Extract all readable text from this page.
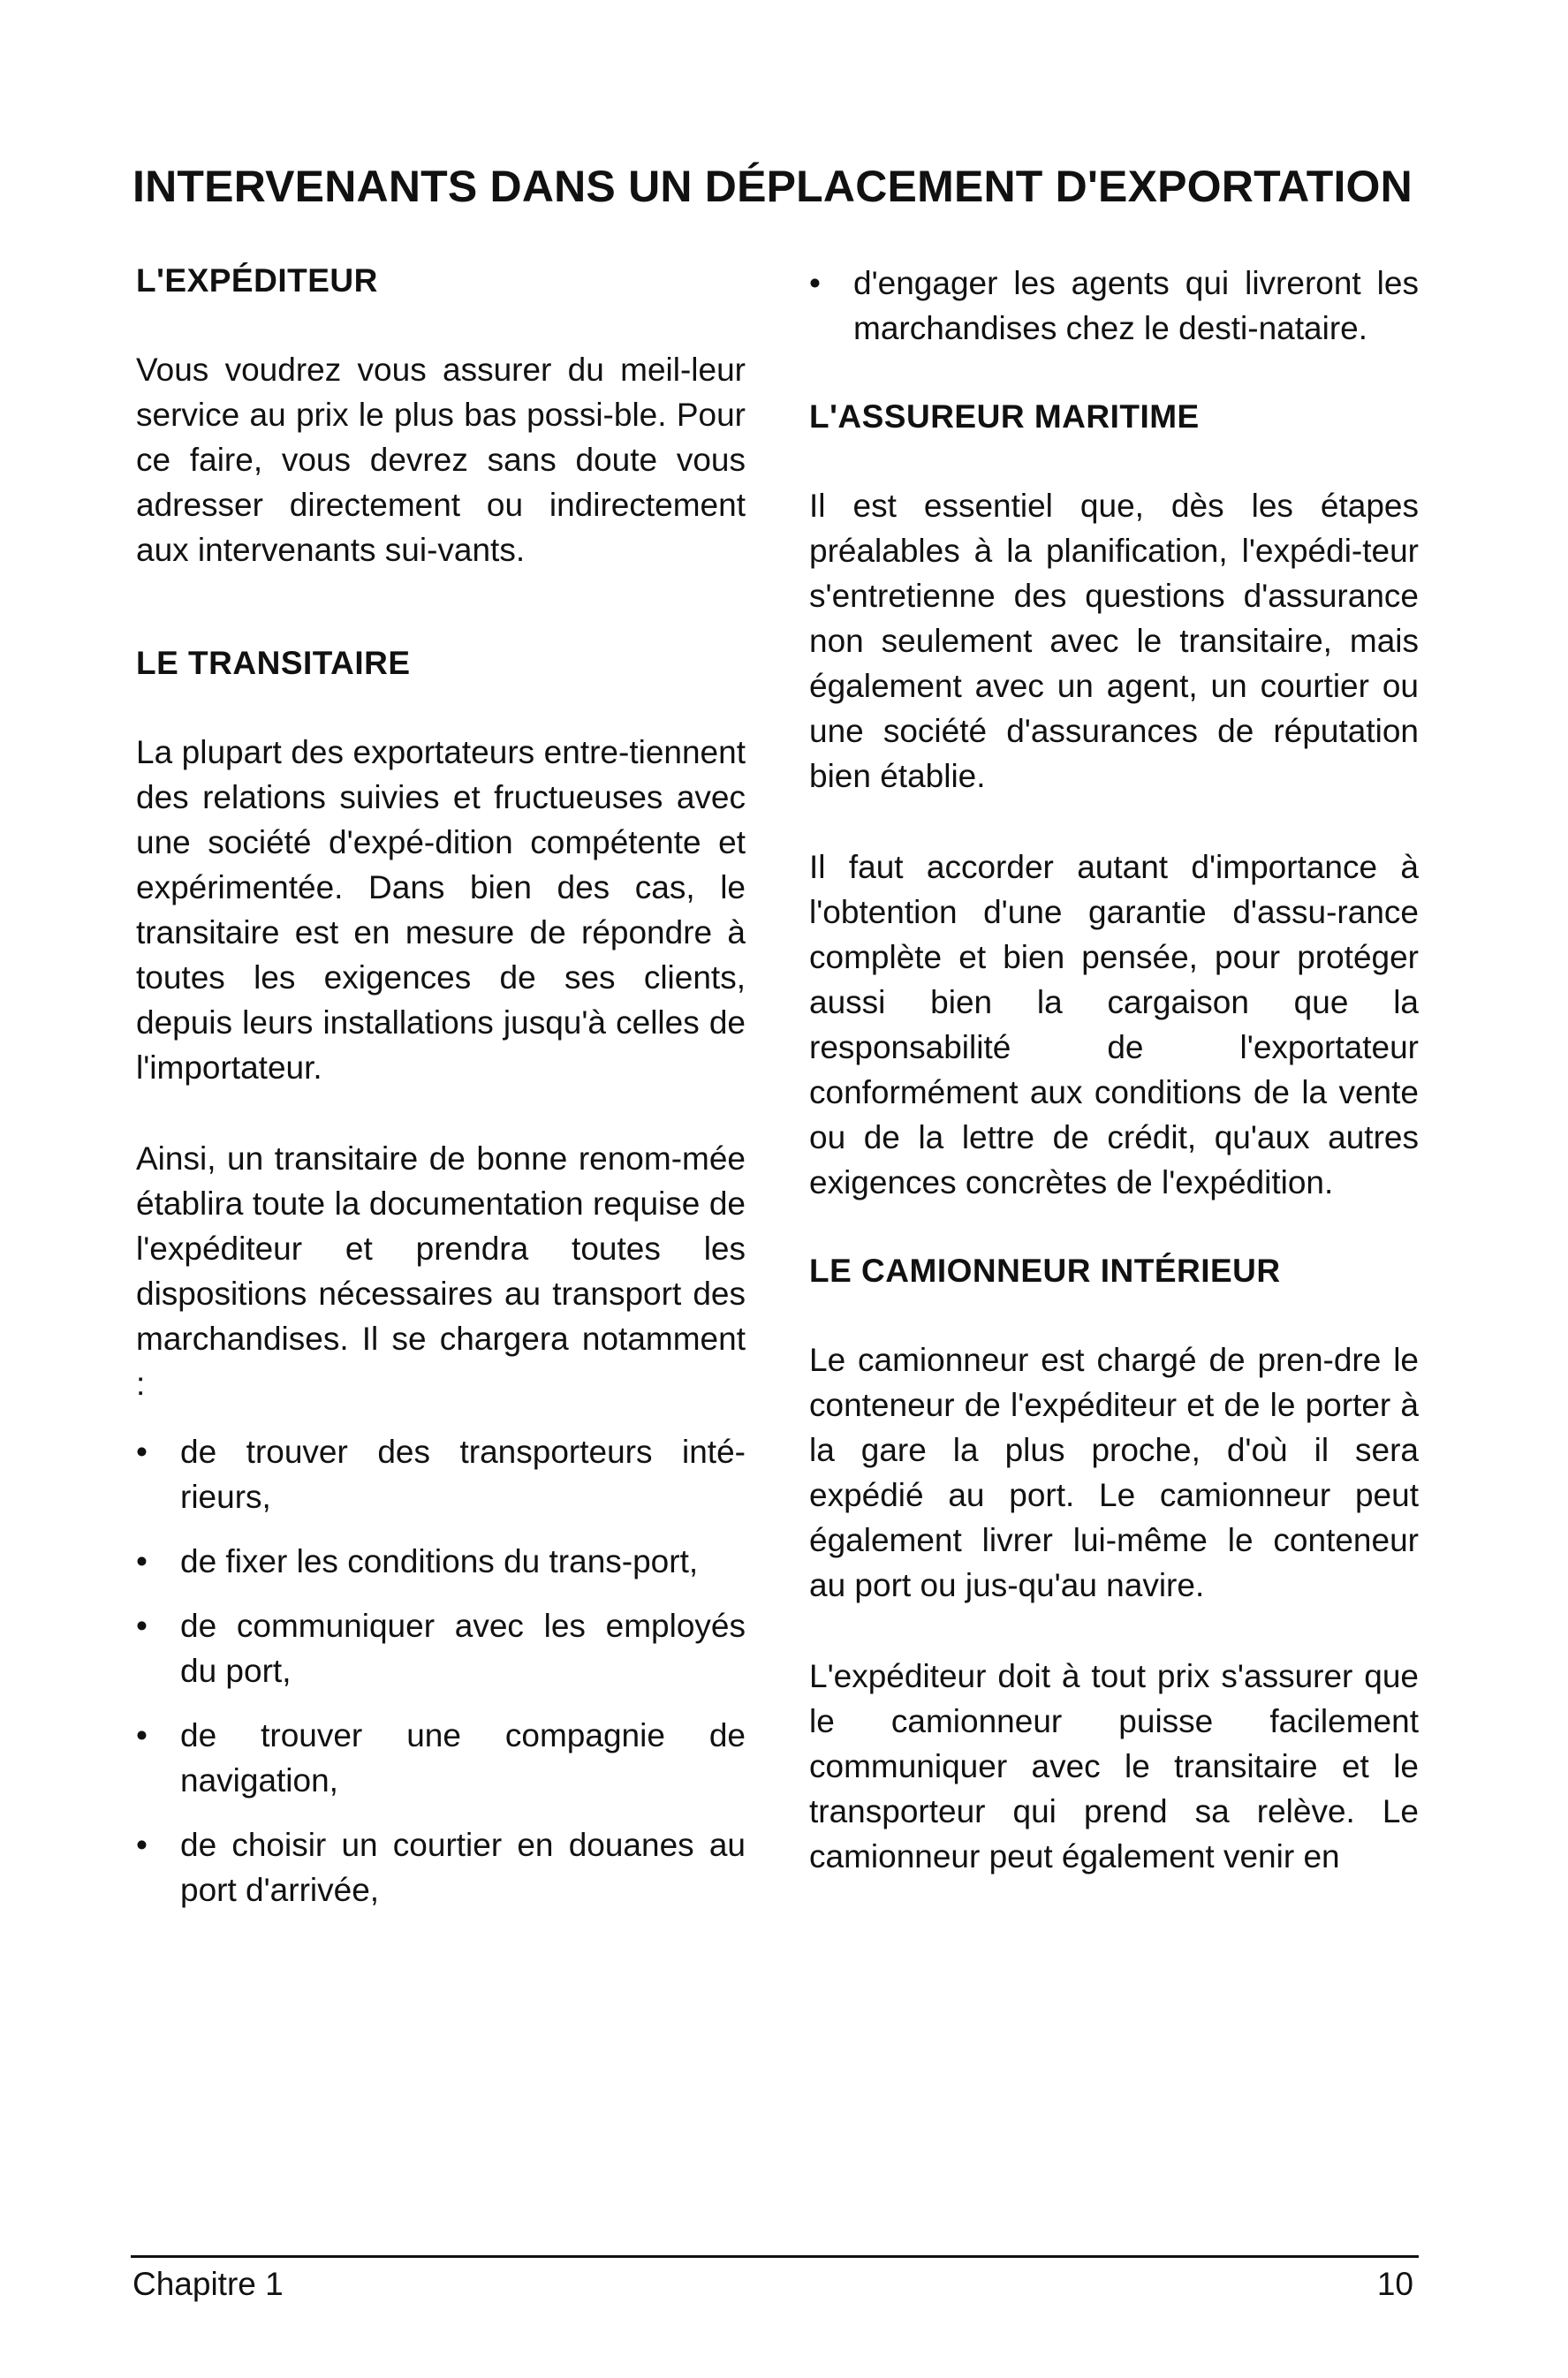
INTERVENANTS DANS UN DÉPLACEMENT D'EXPORTATION
L'EXPÉDITEUR

Vous voudrez vous assurer du meil-leur service au prix le plus bas possi-ble. Pour ce faire, vous devrez sans doute vous adresser directement ou indirectement aux intervenants sui-vants.

LE TRANSITAIRE

La plupart des exportateurs entre-tiennent des relations suivies et fructueuses avec une société d'expé-dition compétente et expérimentée. Dans bien des cas, le transitaire est en mesure de répondre à toutes les exigences de ses clients, depuis leurs installations jusqu'à celles de l'importateur.

Ainsi, un transitaire de bonne renom-mée établira toute la documentation requise de l'expéditeur et prendra toutes les dispositions nécessaires au transport des marchandises. Il se chargera notamment :

• de trouver des transporteurs inté-rieurs,
• de fixer les conditions du trans-port,
• de communiquer avec les employés du port,
• de trouver une compagnie de navigation,
• de choisir un courtier en douanes au port d'arrivée,
• d'engager les agents qui livreront les marchandises chez le desti-nataire.
L'ASSUREUR MARITIME

Il est essentiel que, dès les étapes préalables à la planification, l'expédi-teur s'entretienne des questions d'assurance non seulement avec le transitaire, mais également avec un agent, un courtier ou une société d'assurances de réputation bien établie.

Il faut accorder autant d'importance à l'obtention d'une garantie d'assu-rance complète et bien pensée, pour protéger aussi bien la cargaison que la responsabilité de l'exportateur conformément aux conditions de la vente ou de la lettre de crédit, qu'aux autres exigences concrètes de l'expédition.

LE CAMIONNEUR INTÉRIEUR

Le camionneur est chargé de pren-dre le conteneur de l'expéditeur et de le porter à la gare la plus proche, d'où il sera expédié au port. Le camionneur peut également livrer lui-même le conteneur au port ou jus-qu'au navire.

L'expéditeur doit à tout prix s'assurer que le camionneur puisse facilement communiquer avec le transitaire et le transporteur qui prend sa relève. Le camionneur peut également venir en

Chapitre 1	10
